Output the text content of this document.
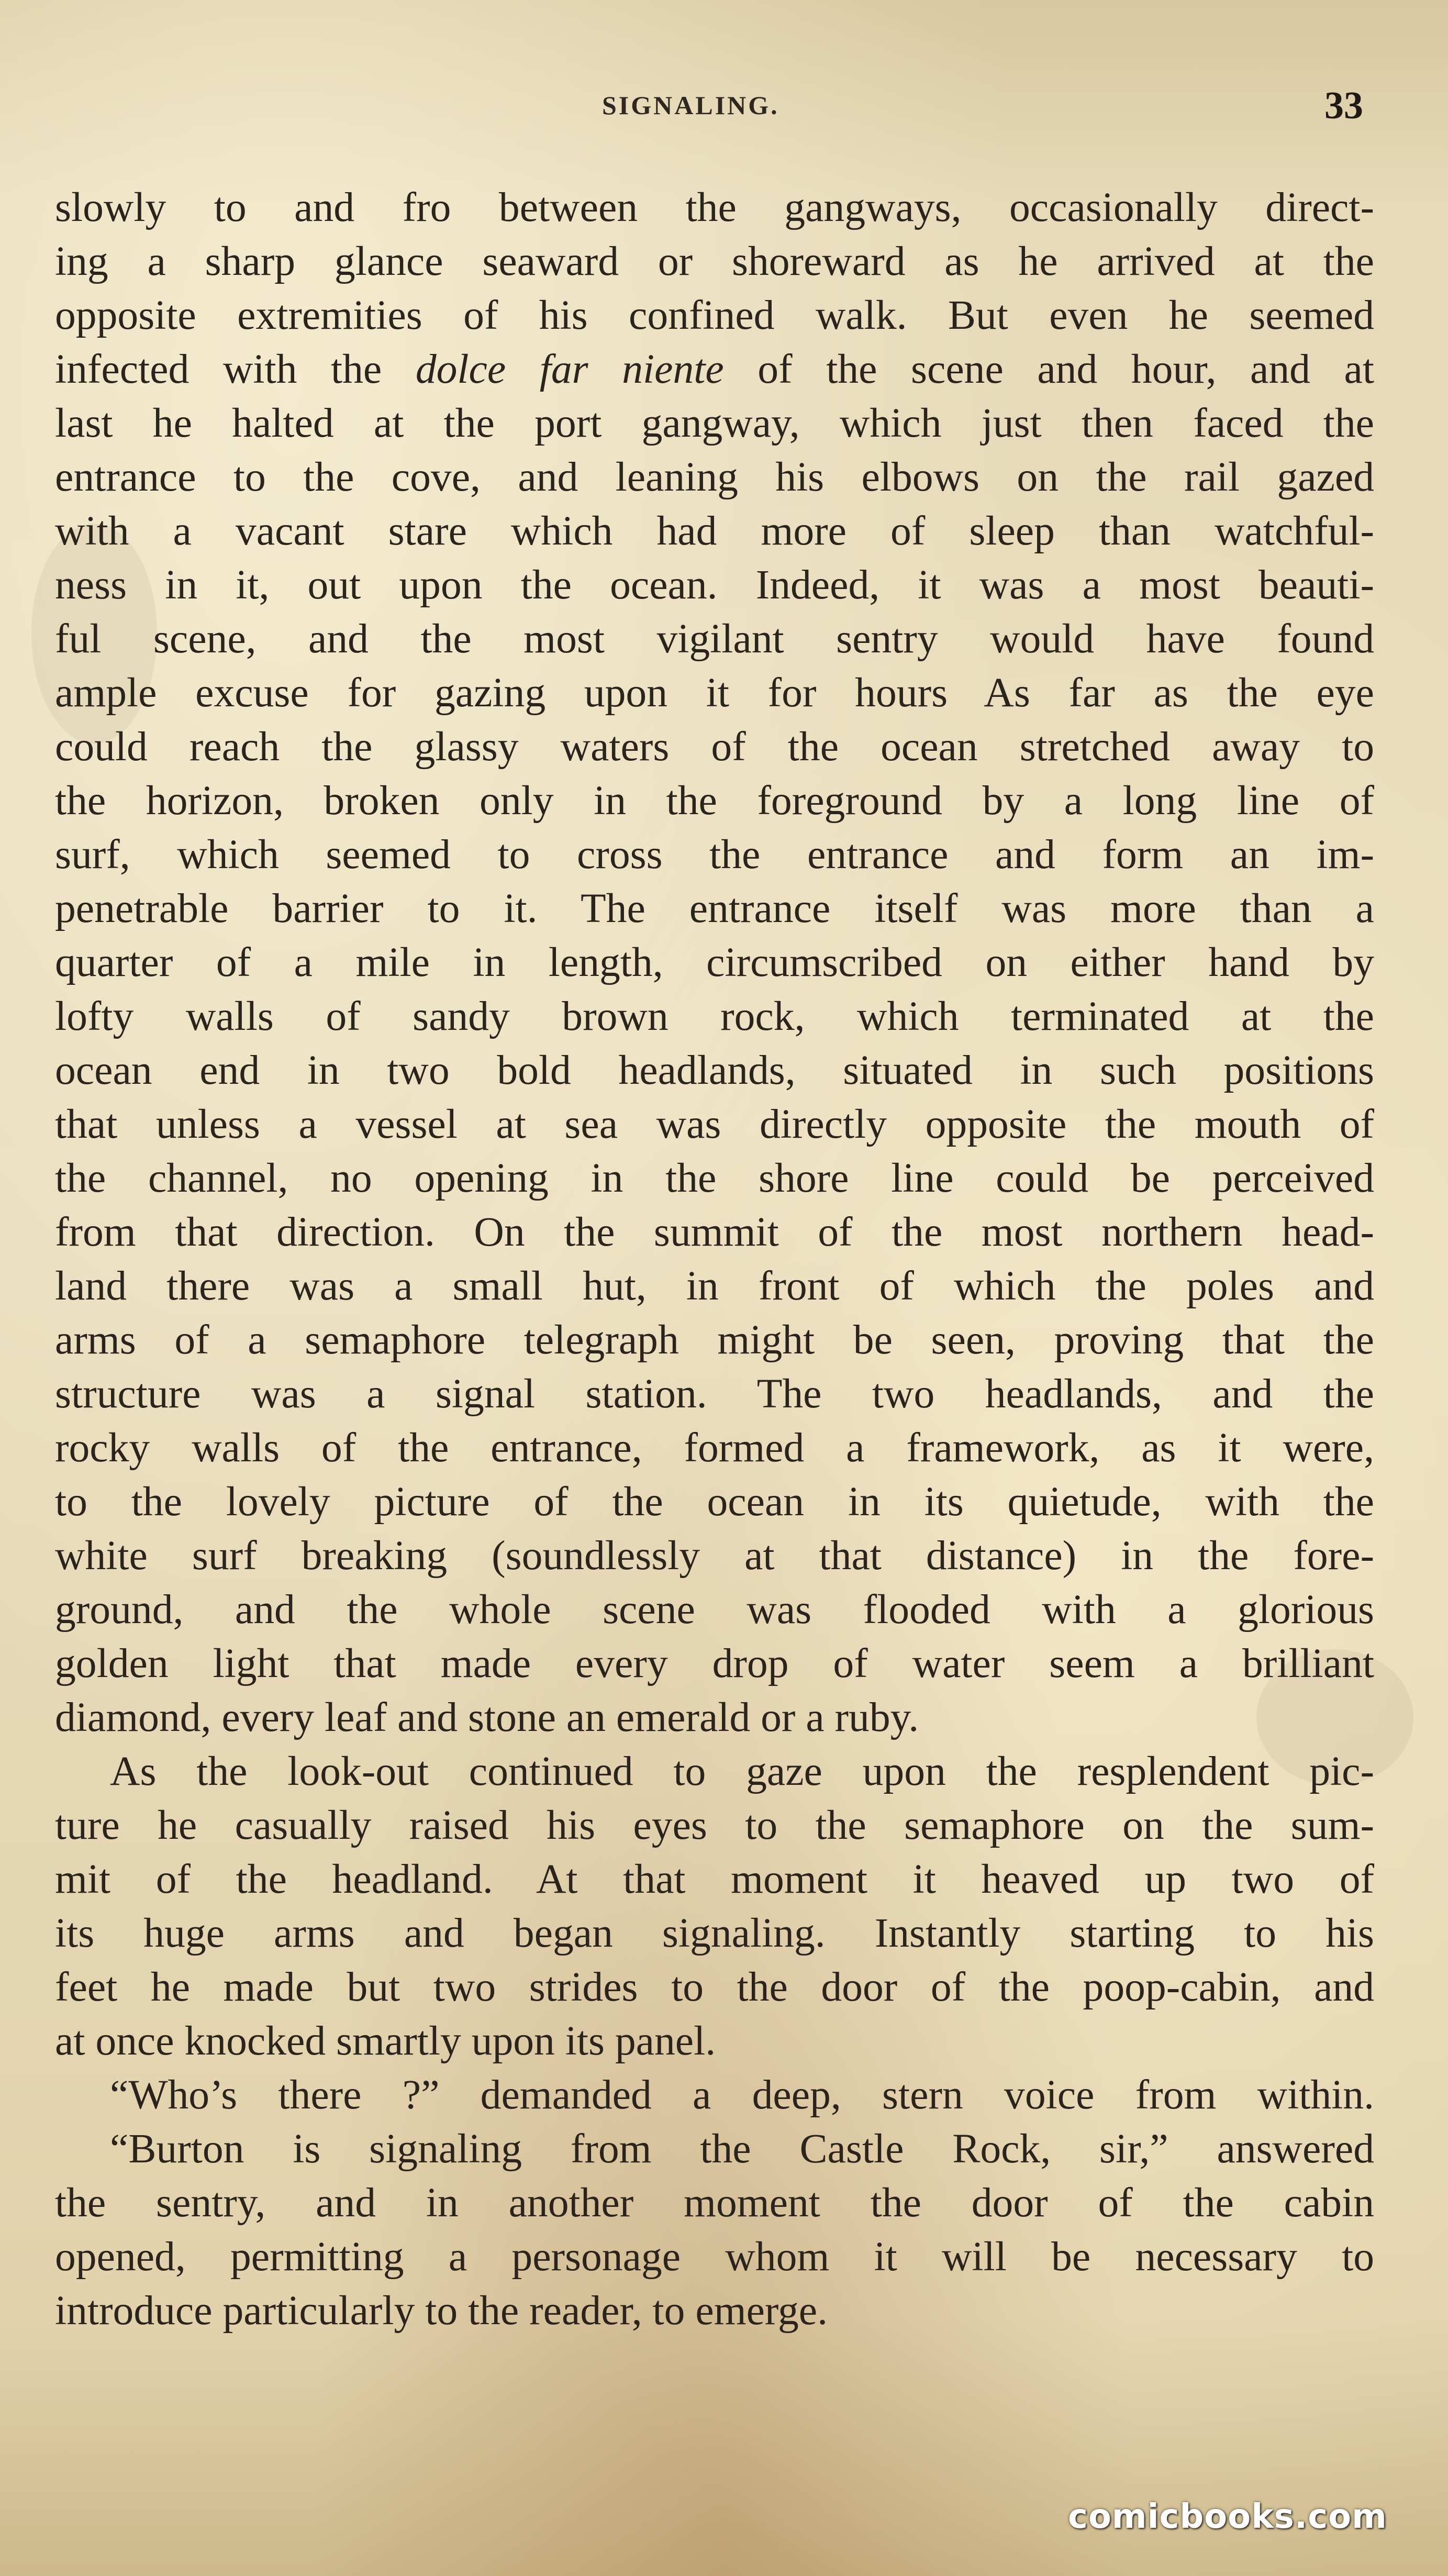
SIGNALING.	33
slowly to and fro between the gangways, occasionally direct-
ing a sharp glance seaward or shoreward as he arrived at the
opposite extremities of his confined walk. But even he seemed
infected with the dolce far niente of the scene and hour, and at
last he halted at the port gangway, which just then faced the
entrance to the cove, and leaning his elbows on the rail gazed
with a vacant stare which had more of sleep than watchful-
ness in it, out upon the ocean. Indeed, it was a most beauti-
ful scene, and the most vigilant sentry would have found
ample excuse for gazing upon it for hours As far as the eye
could reach the glassy waters of the ocean stretched away to
the horizon, broken only in the foreground by a long line of
surf, which seemed to cross the entrance and form an im-
penetrable barrier to it. The entrance itself was more than a
quarter of a mile in length, circumscribed on either hand by
lofty walls of sandy brown rock, which terminated at the
ocean end in two bold headlands, situated in such positions
that unless a vessel at sea was directly opposite the mouth of
the channel, no opening in the shore line could be perceived
from that direction. On the summit of the most northern head-
land there was a small hut, in front of which the poles and
arms of a semaphore telegraph might be seen, proving that the
structure was a signal station. The two headlands, and the
rocky walls of the entrance, formed a framework, as it were,
to the lovely picture of the ocean in its quietude, with the
white surf breaking (soundlessly at that distance) in the fore-
ground, and the whole scene was flooded with a glorious
golden light that made every drop of water seem a brilliant
diamond, every leaf and stone an emerald or a ruby.
As the look-out continued to gaze upon the resplendent pic-
ture he casually raised his eyes to the semaphore on the sum-
mit of the headland. At that moment it heaved up two of
its huge arms and began signaling. Instantly starting to his
feet he made but two strides to the door of the poop-cabin, and
at once knocked smartly upon its panel.
“Who’s there ?” demanded a deep, stern voice from within.
“Burton is signaling from the Castle Rock, sir,” answered
the sentry, and in another moment the door of the cabin
opened, permitting a personage whom it will be necessary to
introduce particularly to the reader, to emerge.
comicbooks.com
